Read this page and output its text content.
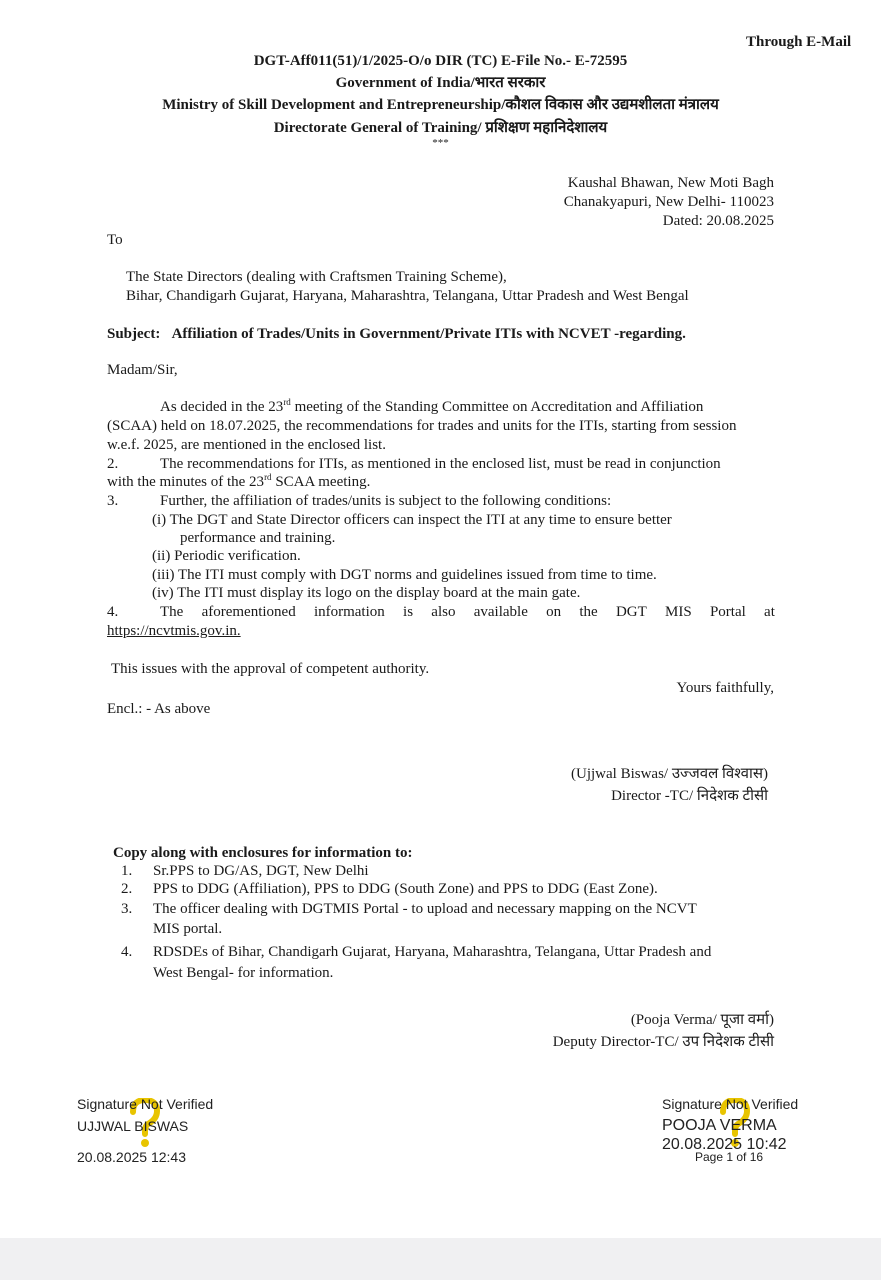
Through E-Mail
DGT-Aff011(51)/1/2025-O/o DIR (TC) E-File No.- E-72595
Government of India/भारत सरकार
Ministry of Skill Development and Entrepreneurship/कौशल विकास और उद्यमशीलता मंत्रालय
Directorate General of Training/ प्रशिक्षण महानिदेशालय
***
Kaushal Bhawan, New Moti Bagh
Chanakyapuri, New Delhi- 110023
Dated: 20.08.2025
To
The State Directors (dealing with Craftsmen Training Scheme),
Bihar, Chandigarh Gujarat, Haryana, Maharashtra, Telangana, Uttar Pradesh and West Bengal
Subject: Affiliation of Trades/Units in Government/Private ITIs with NCVET -regarding.
Madam/Sir,
As decided in the 23rd meeting of the Standing Committee on Accreditation and Affiliation
(SCAA) held on 18.07.2025, the recommendations for trades and units for the ITIs, starting from session
w.e.f. 2025, are mentioned in the enclosed list.
2.	The recommendations for ITIs, as mentioned in the enclosed list, must be read in conjunction
with the minutes of the 23rd SCAA meeting.
3.	Further, the affiliation of trades/units is subject to the following conditions:
(i) The DGT and State Director officers can inspect the ITI at any time to ensure better
performance and training.
(ii) Periodic verification.
(iii) The ITI must comply with DGT norms and guidelines issued from time to time.
(iv) The ITI must display its logo on the display board at the main gate.
4.	The aforementioned information is also available on the DGT MIS Portal at
https://ncvtmis.gov.in.
This issues with the approval of competent authority.
Yours faithfully,
Encl.: - As above
(Ujjwal Biswas/ उज्जवल विश्वास)
Director -TC/ निदेशक टीसी
Copy along with enclosures for information to:
1. Sr.PPS to DG/AS, DGT, New Delhi
2. PPS to DDG (Affiliation), PPS to DDG (South Zone) and PPS to DDG (East Zone).
3. The officer dealing with DGTMIS Portal - to upload and necessary mapping on the NCVT
MIS portal.
4. RDSDEs of Bihar, Chandigarh Gujarat, Haryana, Maharashtra, Telangana, Uttar Pradesh and
West Bengal- for information.
(Pooja Verma/ पूजा वर्मा)
Deputy Director-TC/ उप निदेशक टीसी
Signature Not Verified
UJJWAL BISWAS
20.08.2025 12:43
Signature Not Verified
POOJA VERMA
20.08.2025 10:42
Page 1 of 16
